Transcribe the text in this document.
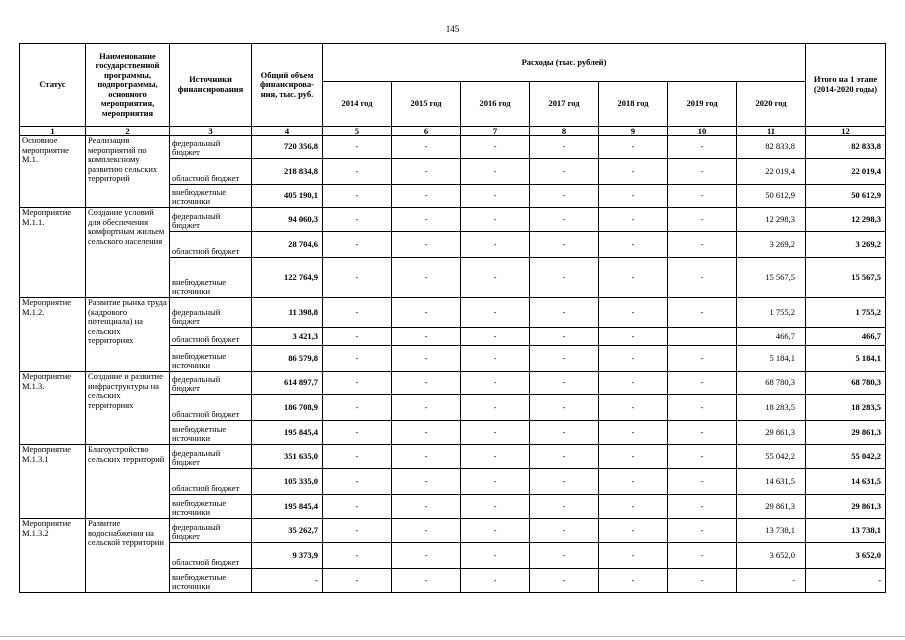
145
Статус	Наименование государственной программы, подпрограммы, основного мероприятия, мероприятия	Источники финансирования	Общий объем финансирова-ния, тыс. руб.	Расходы (тыс. рублей)							Итого на 1 этапе (2014-2020 годы)
				2014 год	2015 год	2016 год	2017 год	2018 год	2019 год	2020 год	
1	2	3	4	5	6	7	8	9	10	11	12
Основное мероприятие М.1.	Реализация мероприятий по комплексному развитию сельских территорий	федеральный бюджет	720 356,8	-	-	-	-	-	-	82 833,8	82 833,8
		областной бюджет	218 834,8	-	-	-	-	-	-	22 019,4	22 019,4
		внебюджетные источники	405 190,1	-	-	-	-	-	-	50 612,9	50 612,9
Мероприятие М.1.1.	Создание условий для обеспечения комфортным жильем сельского населения	федеральный бюджет	94 060,3	-	-	-	-	-	-	12 298,3	12 298,3
		областной бюджет	28 704,6	-	-	-	-	-	-	3 269,2	3 269,2
		внебюджетные источники	122 764,9	-	-	-	-	-	-	15 567,5	15 567,5
Мероприятие М.1.2.	Развитие рынка труда (кадрового потенциала) на сельских территориях	федеральный бюджет	11 398,8	-	-	-	-	-	-	1 755,2	1 755,2
		областной бюджет	3 421,3	-	-	-	-	-		466,7	466,7
		внебюджетные источники	86 579,8	-	-	-	-	-	-	5 184,1	5 184,1
Мероприятие М.1.3.	Создание и развитие инфраструктуры на сельских территориях	федеральный бюджет	614 897,7	-	-	-	-	-	-	68 780,3	68 780,3
		областной бюджет	186 708,9	-	-	-	-	-	-	18 283,5	18 283,5
		внебюджетные источники	195 845,4	-	-	-	-	-	-	29 861,3	29 861,3
Мероприятие М.1.3.1	Благоустройство сельских территорий	федеральный бюджет	351 635,0	-	-	-	-	-	-	55 042,2	55 042,2
		областной бюджет	105 335,0	-	-	-	-	-	-	14 631,5	14 631,5
		внебюджетные источники	195 845,4	-	-	-	-	-	-	29 861,3	29 861,3
Мероприятие М.1.3.2	Развитие водоснабжения на сельской территории	федеральный бюджет	35 262,7	-	-	-	-	-	-	13 738,1	13 738,1
		областной бюджет	9 373,9	-	-	-	-	-	-	3 652,0	3 652,0
		внебюджетные источники	-	-	-	-	-	-	-	-	-
